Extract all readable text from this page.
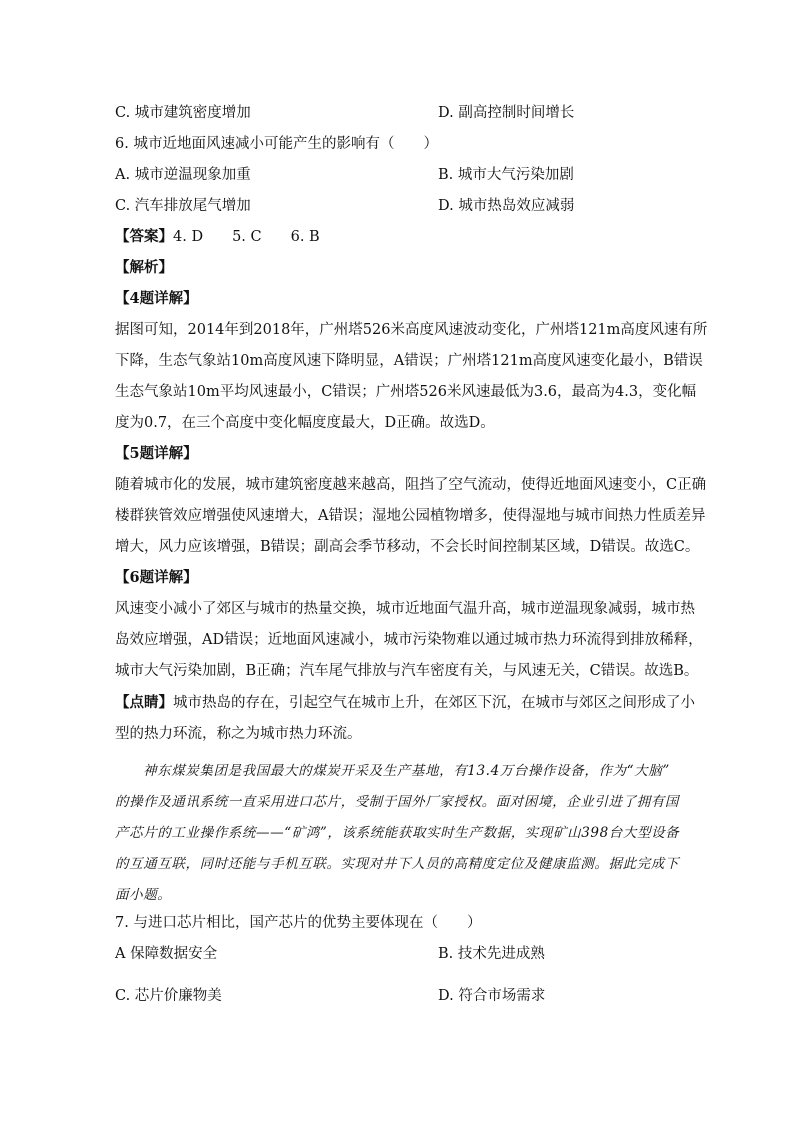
C. 城市建筑密度增加	D. 副高控制时间增长
6. 城市近地面风速减小可能产生的影响有（　　）
A. 城市逆温现象加重	B. 城市大气污染加剧
C. 汽车排放尾气增加	D. 城市热岛效应减弱
【答案】4. D　　5. C　　6. B
【解析】
【4题详解】
据图可知，2014年到2018年，广州塔526米高度风速波动变化，广州塔121m高度风速有所
下降，生态气象站10m高度风速下降明显，A错误；广州塔121m高度风速变化最小，B错误
生态气象站10m平均风速最小，C错误；广州塔526米风速最低为3.6，最高为4.3，变化幅
度为0.7，在三个高度中变化幅度度最大，D正确。故选D。
【5题详解】
随着城市化的发展，城市建筑密度越来越高，阻挡了空气流动，使得近地面风速变小，C正确
楼群狭管效应增强使风速增大，A错误；湿地公园植物增多，使得湿地与城市间热力性质差异
增大，风力应该增强，B错误；副高会季节移动，不会长时间控制某区域，D错误。故选C。
【6题详解】
风速变小减小了郊区与城市的热量交换，城市近地面气温升高，城市逆温现象减弱，城市热
岛效应增强，AD错误；近地面风速减小，城市污染物难以通过城市热力环流得到排放稀释，
城市大气污染加剧，B正确；汽车尾气排放与汽车密度有关，与风速无关，C错误。故选B。
【点睛】城市热岛的存在，引起空气在城市上升，在郊区下沉，在城市与郊区之间形成了小
型的热力环流，称之为城市热力环流。
神东煤炭集团是我国最大的煤炭开采及生产基地，有13.4万台操作设备，作为“大脑”
的操作及通讯系统一直采用进口芯片，受制于国外厂家授权。面对困境，企业引进了拥有国
产芯片的工业操作系统——“矿鸿”，该系统能获取实时生产数据，实现矿山398台大型设备
的互通互联，同时还能与手机互联。实现对井下人员的高精度定位及健康监测。据此完成下
面小题。
7. 与进口芯片相比，国产芯片的优势主要体现在（　　）
A 保障数据安全	B. 技术先进成熟
C. 芯片价廉物美	D. 符合市场需求
